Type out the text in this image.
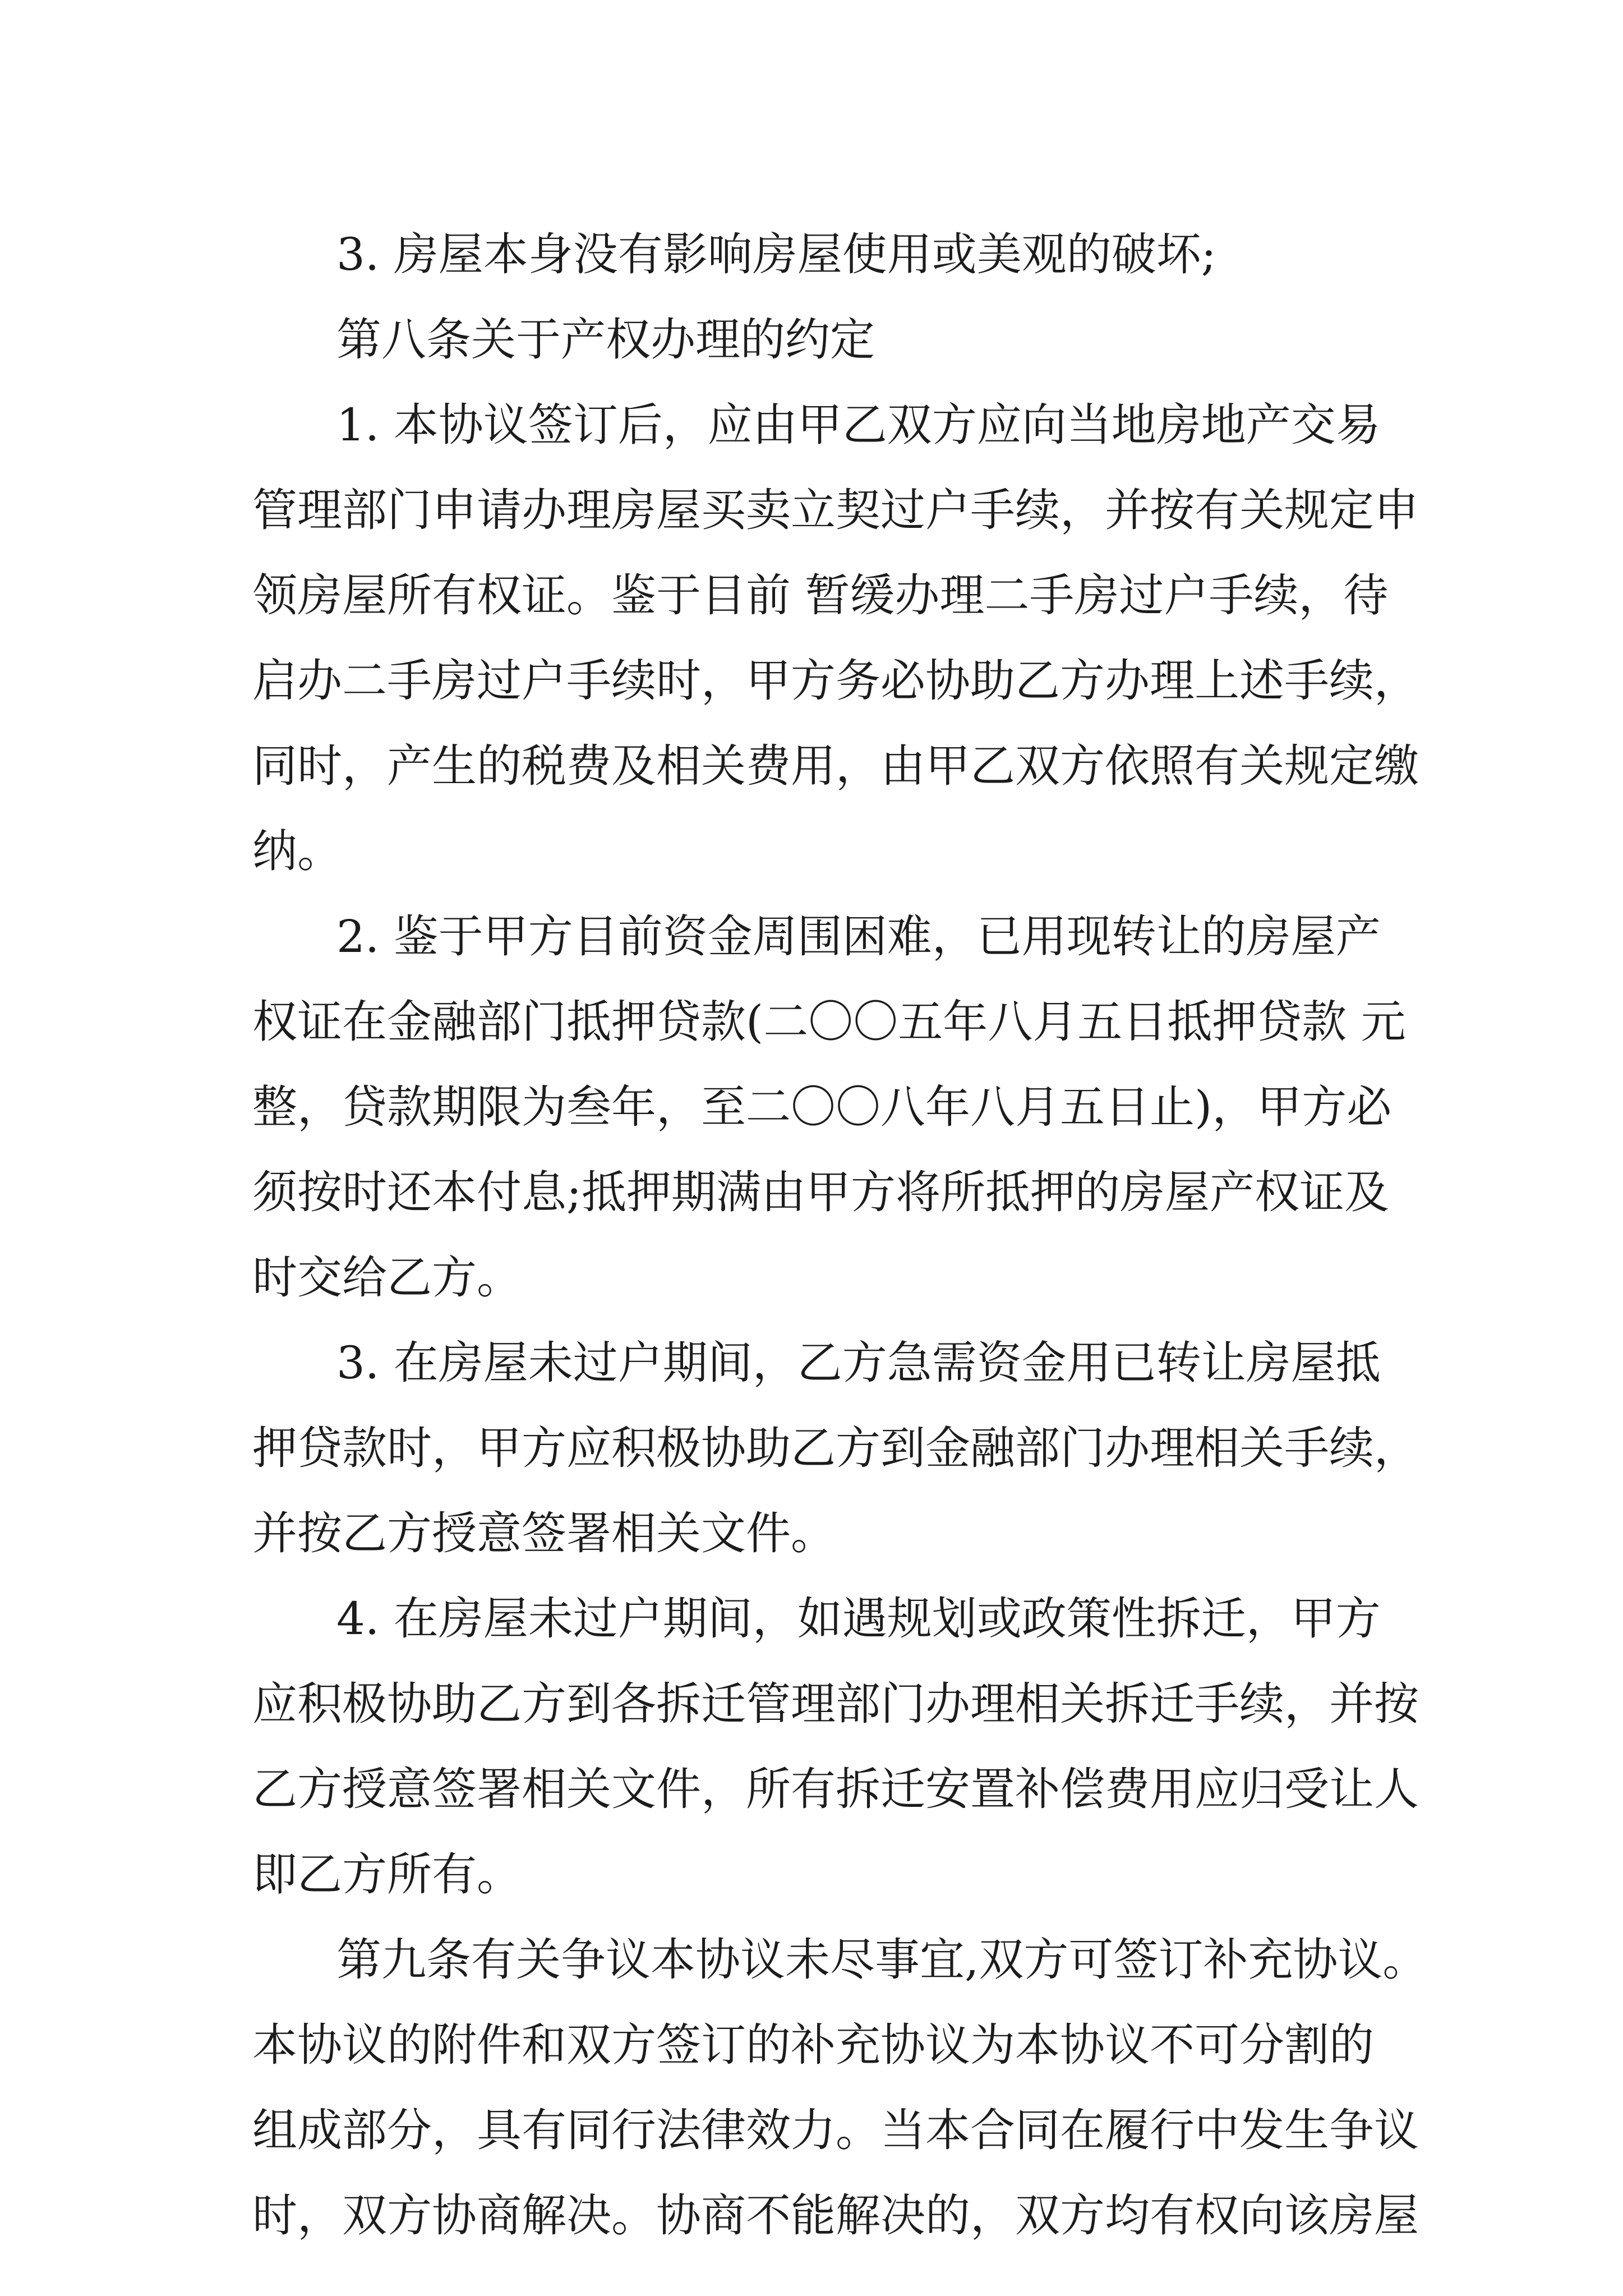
3. 房屋本身没有影响房屋使用或美观的破坏;

第八条关于产权办理的约定

1. 本协议签订后，应由甲乙双方应向当地房地产交易

管理部门申请办理房屋买卖立契过户手续，并按有关规定申

领房屋所有权证。鉴于目前 暂缓办理二手房过户手续，待

启办二手房过户手续时，甲方务必协助乙方办理上述手续，

同时，产生的税费及相关费用，由甲乙双方依照有关规定缴

纳。

2. 鉴于甲方目前资金周围困难，已用现转让的房屋产

权证在金融部门抵押贷款(二〇〇五年八月五日抵押贷款 元

整，贷款期限为叁年，至二〇〇八年八月五日止)，甲方必

须按时还本付息;抵押期满由甲方将所抵押的房屋产权证及

时交给乙方。

3. 在房屋未过户期间，乙方急需资金用已转让房屋抵

押贷款时，甲方应积极协助乙方到金融部门办理相关手续，

并按乙方授意签署相关文件。

4. 在房屋未过户期间，如遇规划或政策性拆迁，甲方

应积极协助乙方到各拆迁管理部门办理相关拆迁手续，并按

乙方授意签署相关文件，所有拆迁安置补偿费用应归受让人

即乙方所有。

第九条有关争议本协议未尽事宜,双方可签订补充协议。

本协议的附件和双方签订的补充协议为本协议不可分割的

组成部分，具有同行法律效力。当本合同在履行中发生争议

时，双方协商解决。协商不能解决的，双方均有权向该房屋
